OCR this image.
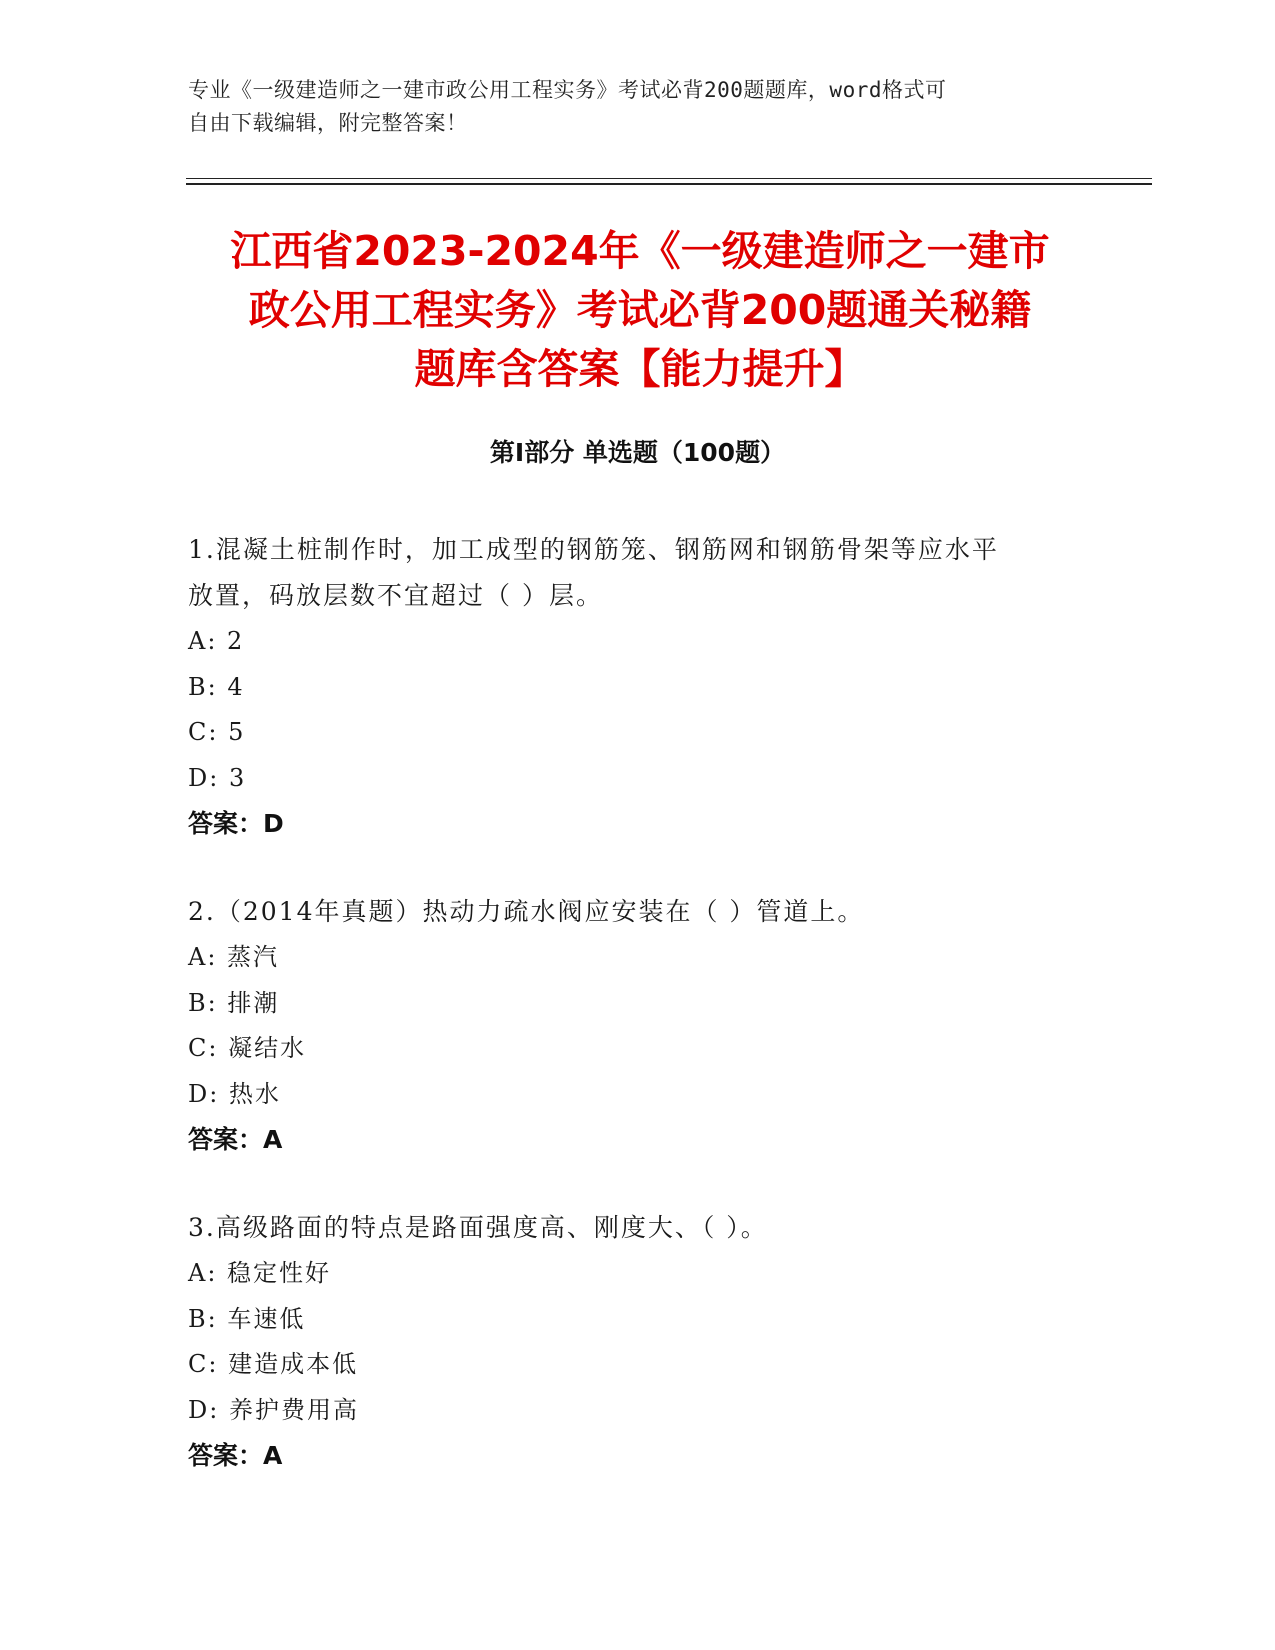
专业《一级建造师之一建市政公用工程实务》考试必背200题题库，word格式可
自由下载编辑，附完整答案！
江西省2023-2024年《一级建造师之一建市
政公用工程实务》考试必背200题通关秘籍
题库含答案【能力提升】
第Ⅰ部分 单选题（100题）
1.混凝土桩制作时，加工成型的钢筋笼、钢筋网和钢筋骨架等应水平
放置，码放层数不宜超过（ ）层。
A: 2
B: 4
C: 5
D: 3
答案：D
2.（2014年真题）热动力疏水阀应安装在（ ）管道上。
A: 蒸汽
B: 排潮
C: 凝结水
D: 热水
答案：A
3.高级路面的特点是路面强度高、刚度大、（ ）。
A: 稳定性好
B: 车速低
C: 建造成本低
D: 养护费用高
答案：A
